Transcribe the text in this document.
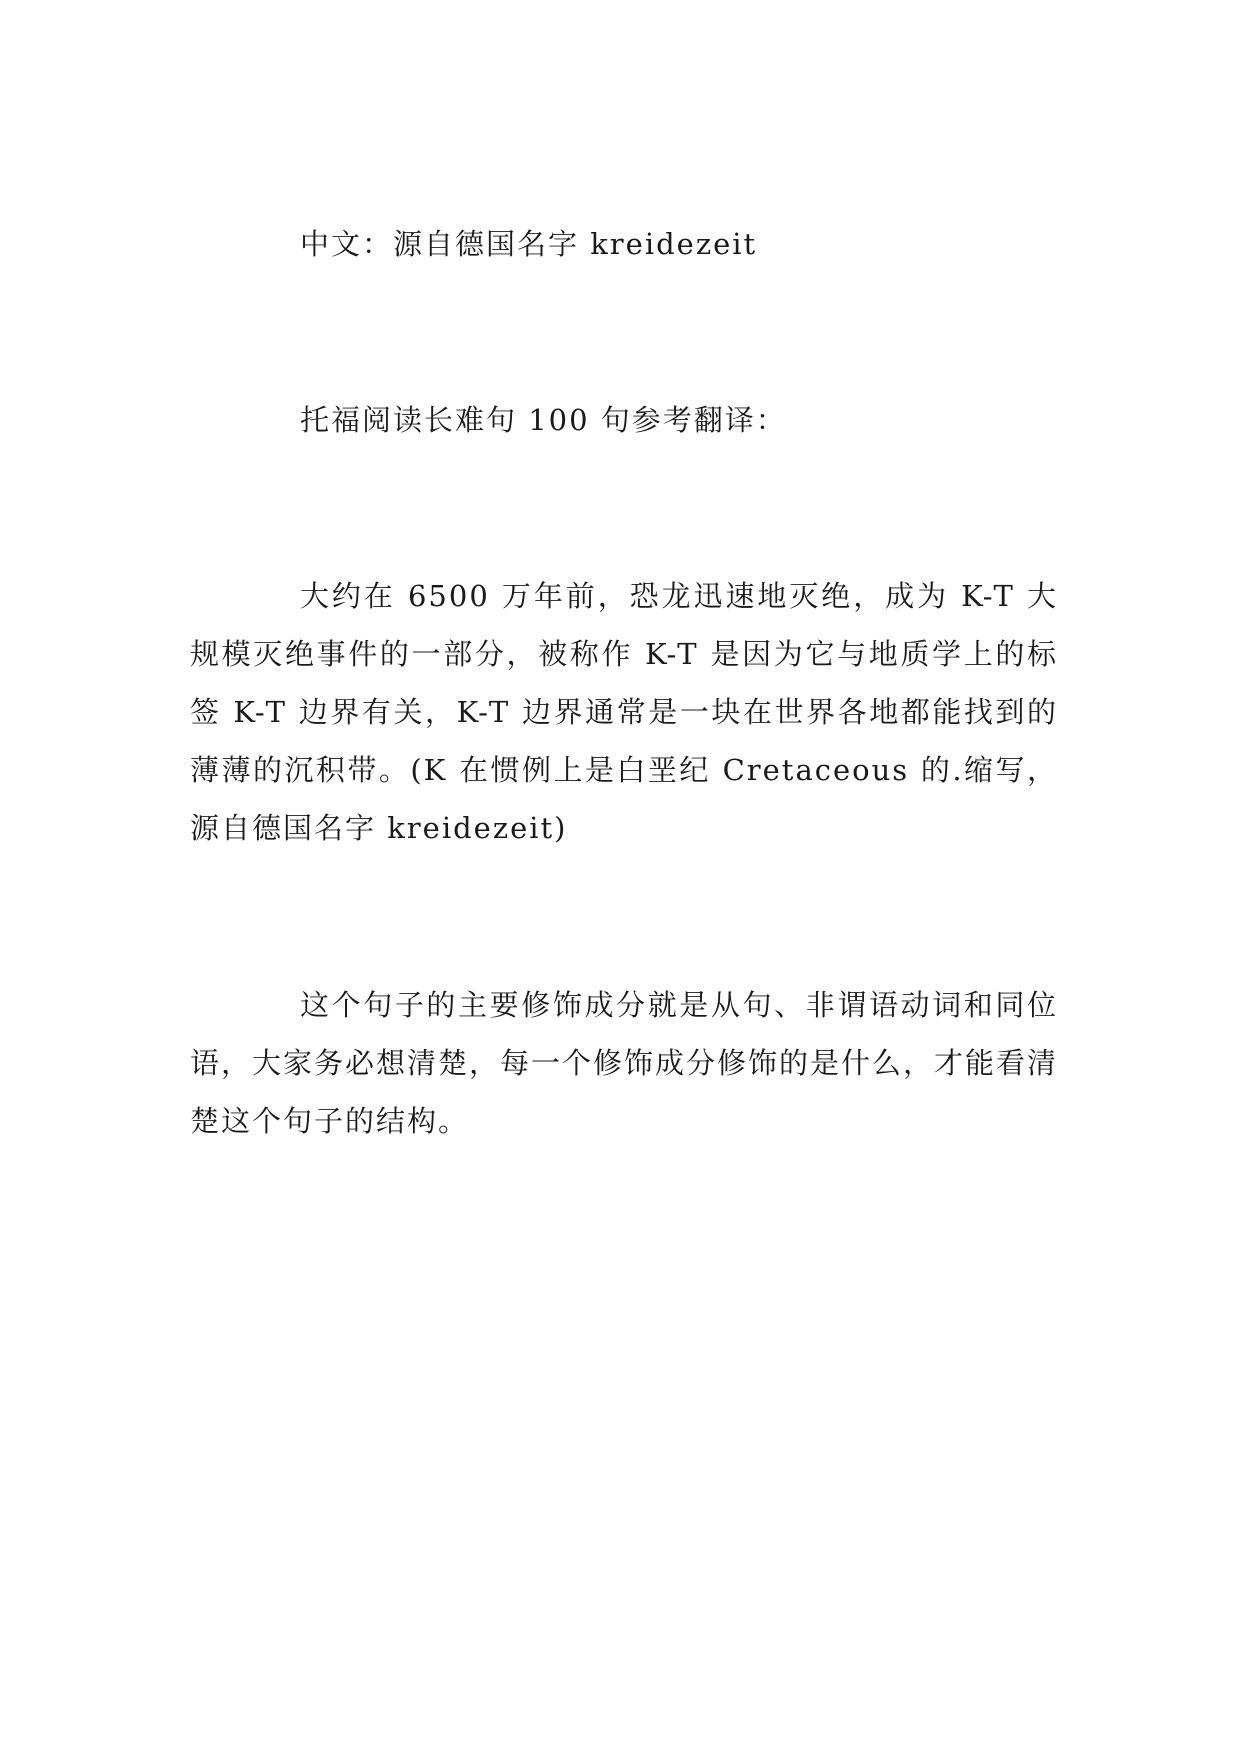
中文：源自德国名字 kreidezeit

托福阅读长难句 100 句参考翻译：

大约在 6500 万年前，恐龙迅速地灭绝，成为 K-T 大规模灭绝事件的一部分，被称作 K-T 是因为它与地质学上的标签 K-T 边界有关，K-T 边界通常是一块在世界各地都能找到的薄薄的沉积带。(K 在惯例上是白垩纪 Cretaceous 的.缩写，源自德国名字 kreidezeit)

这个句子的主要修饰成分就是从句、非谓语动词和同位语，大家务必想清楚，每一个修饰成分修饰的是什么，才能看清楚这个句子的结构。
